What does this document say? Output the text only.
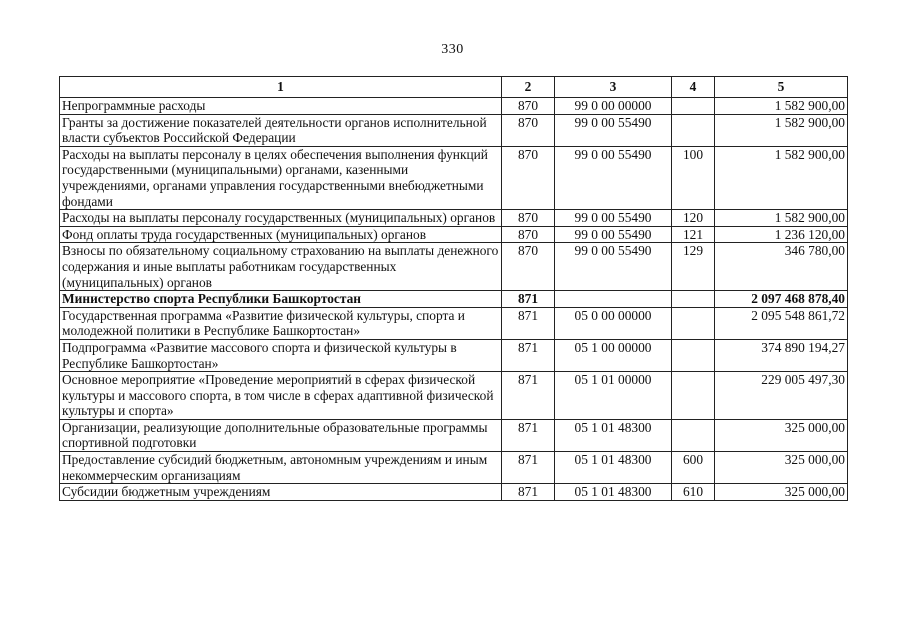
330
1	2	3	4	5
Непрограммные расходы	870	99 0 00 00000		1 582 900,00
Гранты за достижение показателей деятельности органов исполнительной власти субъектов Российской Федерации	870	99 0 00 55490		1 582 900,00
Расходы на выплаты персоналу в целях обеспечения выполнения функций государственными (муниципальными) органами, казенными учреждениями, органами управления государственными внебюджетными фондами	870	99 0 00 55490	100	1 582 900,00
Расходы на выплаты персоналу государственных (муниципальных) органов	870	99 0 00 55490	120	1 582 900,00
Фонд оплаты труда государственных (муниципальных) органов	870	99 0 00 55490	121	1 236 120,00
Взносы по обязательному социальному страхованию на выплаты денежного содержания и иные выплаты работникам государственных (муниципальных) органов	870	99 0 00 55490	129	346 780,00
Министерство спорта Республики Башкортостан	871			2 097 468 878,40
Государственная программа «Развитие физической культуры, спорта и молодежной политики в Республике Башкортостан»	871	05 0 00 00000		2 095 548 861,72
Подпрограмма «Развитие массового спорта и физической культуры в Республике Башкортостан»	871	05 1 00 00000		374 890 194,27
Основное мероприятие «Проведение мероприятий в сферах физической культуры и массового спорта, в том числе в сферах адаптивной физической культуры и спорта»	871	05 1 01 00000		229 005 497,30
Организации, реализующие дополнительные образовательные программы спортивной подготовки	871	05 1 01 48300		325 000,00
Предоставление субсидий бюджетным, автономным учреждениям и иным некоммерческим организациям	871	05 1 01 48300	600	325 000,00
Субсидии бюджетным учреждениям	871	05 1 01 48300	610	325 000,00
